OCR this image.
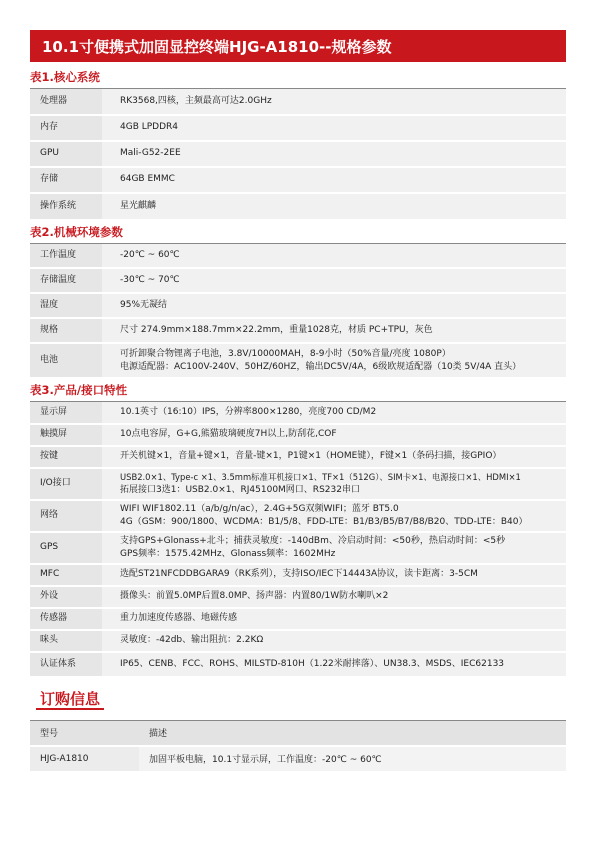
10.1寸便携式加固显控终端HJG-A1810--规格参数
表1.核心系统
处理器	RK3568,四核，主频最高可达2.0GHz

内存	4GB LPDDR4

GPU	Mali-G52-2EE

存储	64GB EMMC

操作系统	星光麒麟
表2.机械环境参数
工作温度	-20℃ ~ 60℃

存储温度	-30℃ ~ 70℃

湿度	95%无凝结

规格	尺寸 274.9mm×188.7mm×22.2mm，重量1028克，材质 PC+TPU，灰色

电池	可折卸聚合物锂离子电池，3.8V/10000MAH，8-9小时（50%音量/亮度 1080P）
电源适配器：AC100V-240V、50HZ/60HZ，输出DC5V/4A，6级欧规适配器（10类 5V/4A 直头）
表3.产品/接口特性
显示屏	10.1英寸（16:10）IPS，分辨率800×1280，亮度700 CD/M2

触摸屏	10点电容屏，G+G,熊猫玻璃硬度7H以上,防刮花,COF

按键	开关机键×1，音量+键×1，音量-键×1，P1键×1（HOME键），F键×1（条码扫描，接GPIO）

I/O接口	USB2.0×1、Type-c ×1、3.5mm标准耳机接口×1、TF×1（512G）、SIM卡×1、电源接口×1、HDMI×1
拓展接口3选1：USB2.0×1、RJ45100M网口、RS232串口

网络	WIFI WIF1802.11（a/b/g/n/ac），2.4G+5G双频WIFI；蓝牙 BT5.0
4G（GSM：900/1800、WCDMA：B1/5/8、FDD-LTE：B1/B3/B5/B7/B8/B20、TDD-LTE：B40）

GPS	支持GPS+Glonass+北斗；捕获灵敏度：-140dBm、冷启动时间：<50秒，热启动时间：<5秒
GPS频率：1575.42MHz、Glonass频率：1602MHz

MFC	选配ST21NFCDDBGARA9（RK系列），支持ISO/IEC下14443A协议，读卡距离：3-5CM

外设	摄像头：前置5.0MP后置8.0MP、扬声器：内置80/1W防水喇叭×2

传感器	重力加速度传感器、地磁传感

咪头	灵敏度：-42db、输出阻抗：2.2KΩ

认证体系	IP65、CENB、FCC、ROHS、MILSTD-810H（1.22米耐摔落）、UN38.3、MSDS、IEC62133
订购信息
型号	描述
HJG-A1810	加固平板电脑，10.1寸显示屏，工作温度：-20℃ ~ 60℃
